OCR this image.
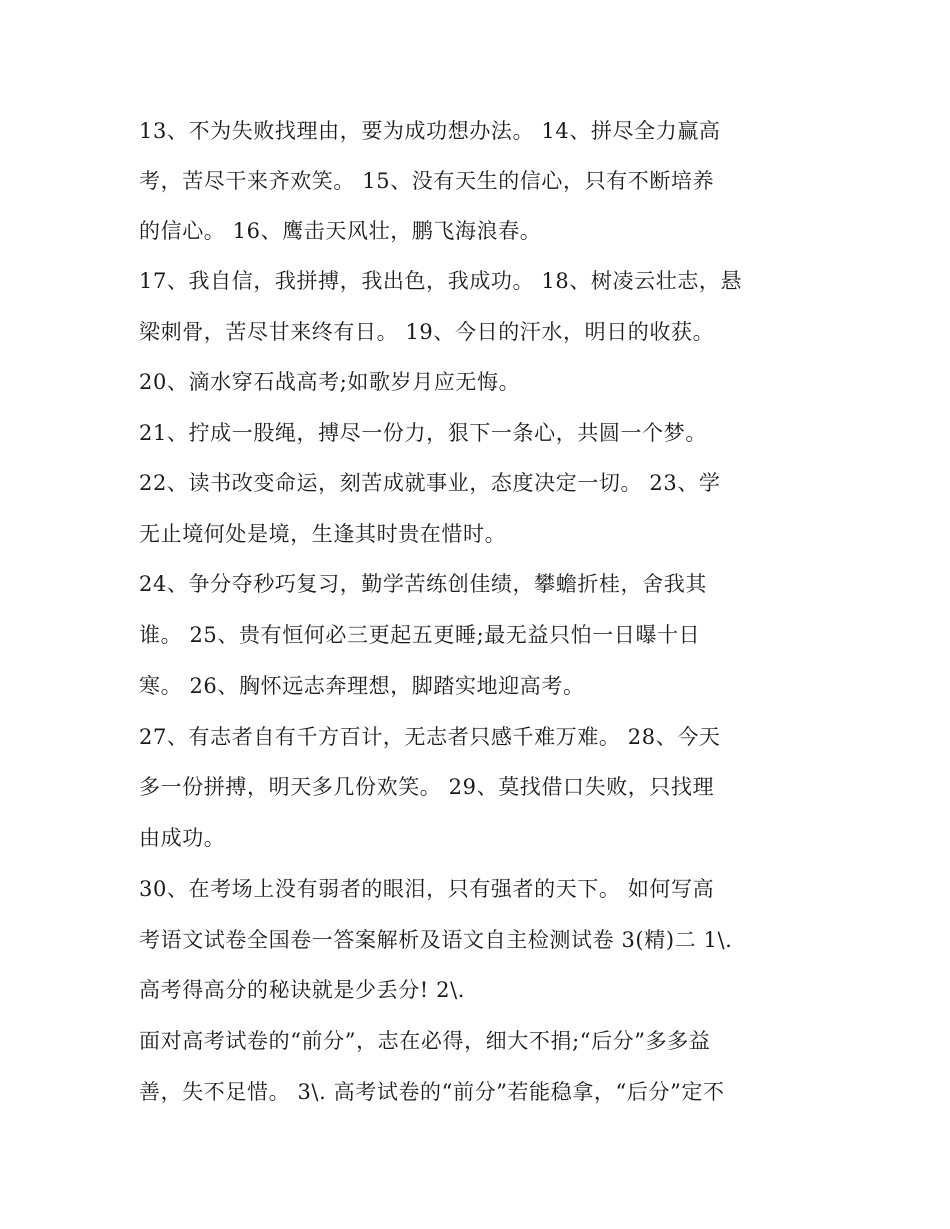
13、不为失败找理由，要为成功想办法。 14、拼尽全力赢高
考，苦尽干来齐欢笑。 15、没有天生的信心，只有不断培养
的信心。 16、鹰击天风壮，鹏飞海浪春。
17、我自信，我拼搏，我出色，我成功。 18、树凌云壮志，悬
梁刺骨，苦尽甘来终有日。 19、今日的汗水，明日的收获。
20、滴水穿石战高考;如歌岁月应无悔。
21、拧成一股绳，搏尽一份力，狠下一条心，共圆一个梦。
22、读书改变命运，刻苦成就事业，态度决定一切。 23、学
无止境何处是境，生逢其时贵在惜时。
24、争分夺秒巧复习，勤学苦练创佳绩，攀蟾折桂，舍我其
谁。 25、贵有恒何必三更起五更睡;最无益只怕一日曝十日
寒。 26、胸怀远志奔理想，脚踏实地迎高考。
27、有志者自有千方百计，无志者只感千难万难。 28、今天
多一份拼搏，明天多几份欢笑。 29、莫找借口失败，只找理
由成功。
30、在考场上没有弱者的眼泪，只有强者的天下。 如何写高
考语文试卷全国卷一答案解析及语文自主检测试卷 3(精)二 1\.
高考得高分的秘诀就是少丢分! 2\.
面对高考试卷的“前分”，志在必得，细大不捐;“后分”多多益
善，失不足惜。 3\. 高考试卷的“前分”若能稳拿，“后分”定不
